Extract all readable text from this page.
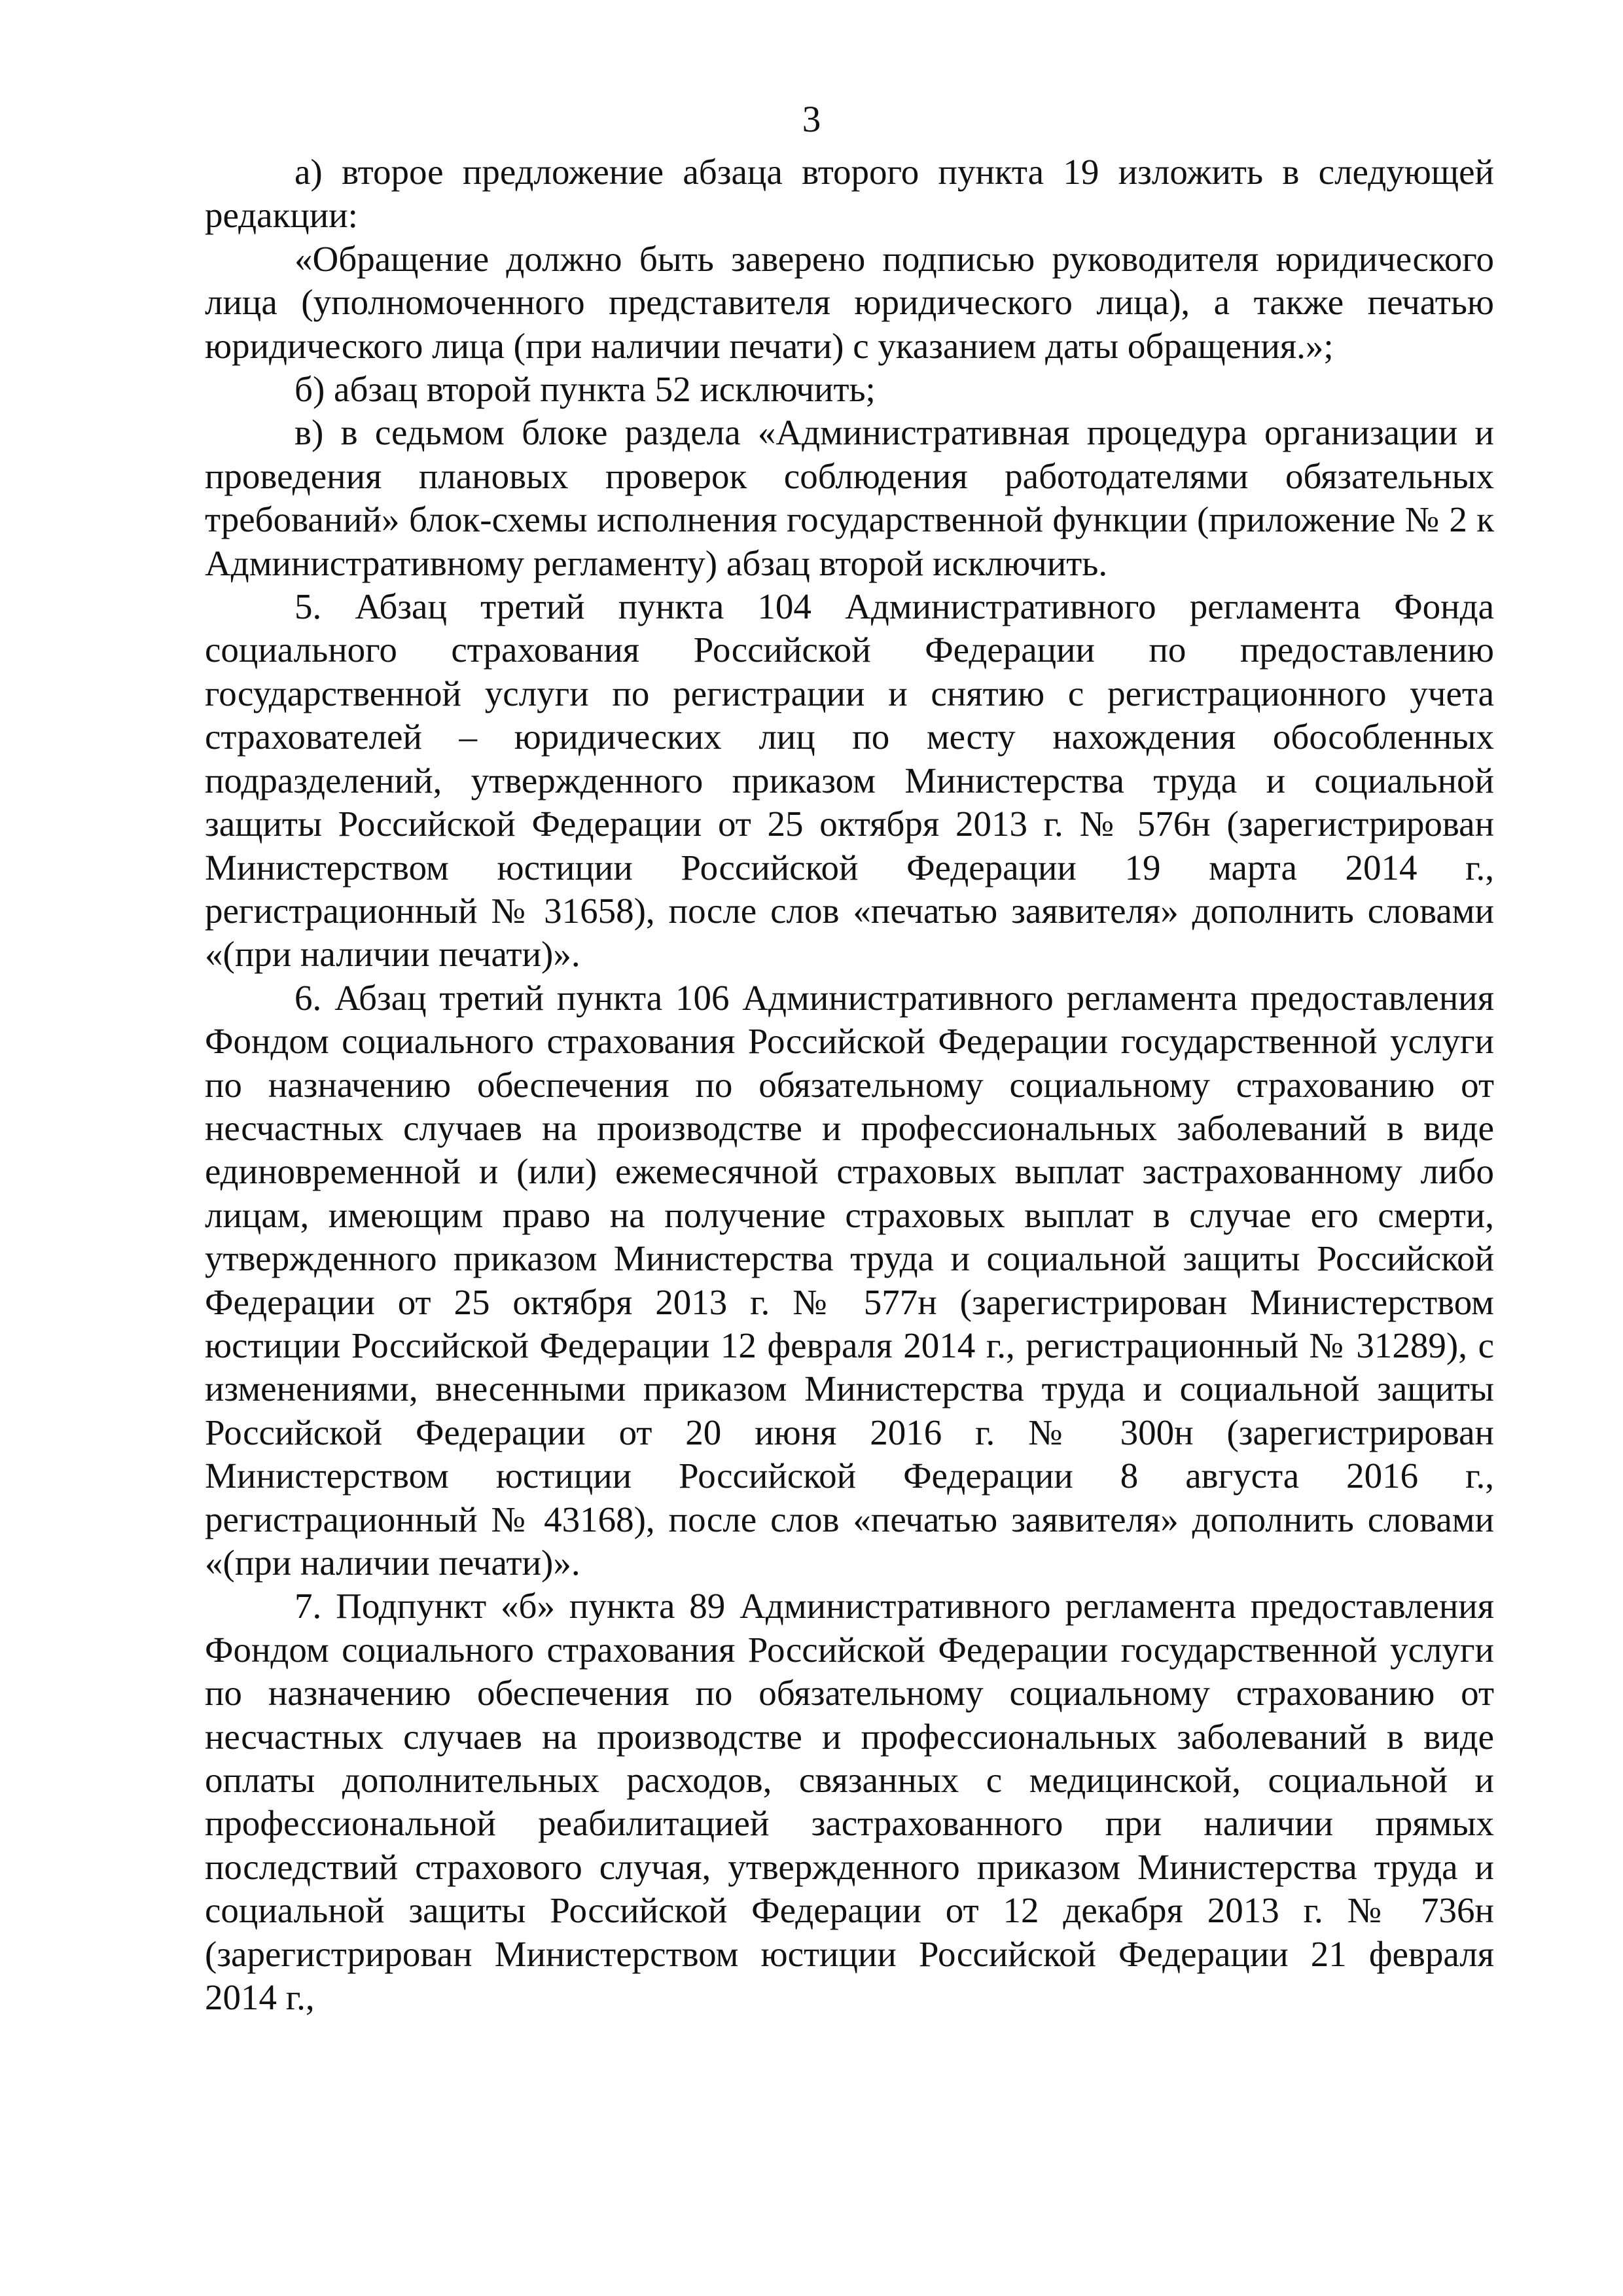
3

а) второе предложение абзаца второго пункта 19 изложить в следующей редакции:

«Обращение должно быть заверено подписью руководителя юридического лица (уполномоченного представителя юридического лица), а также печатью юридического лица (при наличии печати) с указанием даты обращения.»;

б) абзац второй пункта 52 исключить;

в) в седьмом блоке раздела «Административная процедура организации и проведения плановых проверок соблюдения работодателями обязательных требований» блок-схемы исполнения государственной функции (приложение № 2 к Административному регламенту) абзац второй исключить.

5. Абзац третий пункта 104 Административного регламента Фонда социального страхования Российской Федерации по предоставлению государственной услуги по регистрации и снятию с регистрационного учета страхователей – юридических лиц по месту нахождения обособленных подразделений, утвержденного приказом Министерства труда и социальной защиты Российской Федерации от 25 октября 2013 г. № 576н (зарегистрирован Министерством юстиции Российской Федерации 19 марта 2014 г., регистрационный № 31658), после слов «печатью заявителя» дополнить словами «(при наличии печати)».

6. Абзац третий пункта 106 Административного регламента предоставления Фондом социального страхования Российской Федерации государственной услуги по назначению обеспечения по обязательному социальному страхованию от несчастных случаев на производстве и профессиональных заболеваний в виде единовременной и (или) ежемесячной страховых выплат застрахованному либо лицам, имеющим право на получение страховых выплат в случае его смерти, утвержденного приказом Министерства труда и социальной защиты Российской Федерации от 25 октября 2013 г. № 577н (зарегистрирован Министерством юстиции Российской Федерации 12 февраля 2014 г., регистрационный № 31289), с изменениями, внесенными приказом Министерства труда и социальной защиты Российской Федерации от 20 июня 2016 г. № 300н (зарегистрирован Министерством юстиции Российской Федерации 8 августа 2016 г., регистрационный № 43168), после слов «печатью заявителя» дополнить словами «(при наличии печати)».

7. Подпункт «б» пункта 89 Административного регламента предоставления Фондом социального страхования Российской Федерации государственной услуги по назначению обеспечения по обязательному социальному страхованию от несчастных случаев на производстве и профессиональных заболеваний в виде оплаты дополнительных расходов, связанных с медицинской, социальной и профессиональной реабилитацией застрахованного при наличии прямых последствий страхового случая, утвержденного приказом Министерства труда и социальной защиты Российской Федерации от 12 декабря 2013 г. № 736н (зарегистрирован Министерством юстиции Российской Федерации 21 февраля 2014 г.,
